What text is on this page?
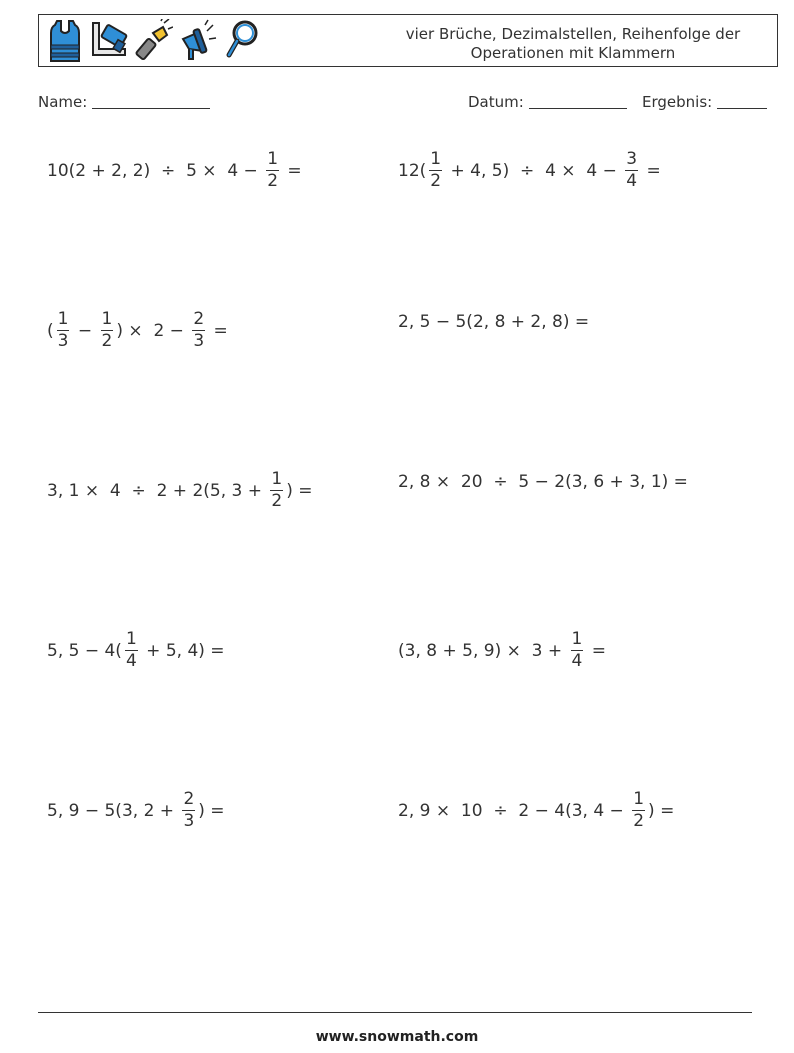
vier Brüche, Dezimalstellen, Reihenfolge der
Operationen mit Klammern
Name:	Datum:	Ergebnis:
10(2 + 2, $2) \div 5 \times 4 - \frac{1}{2}$ =	$12( \frac{1}{2} + 4$, $5) \div 4 \times 4 - \frac{3}{4}$ =
( $\frac{1}{3} - \frac{1}{2}$ ) ×  $2 - \frac{2}{3}$ =	2, 5 − 5(2, 8 + 2, 8) =
3, 1 ×  4  ÷  2 + 2(5, $3 + \frac{1}{2}$ ) =	2, 8 ×  20  ÷  5 − 2(3, 6 + 3, 1) =
5, $5 - 4( \frac{1}{4} + 5$, 4) =	(3, 8 + 5, $9) \times 3 + \frac{1}{4}$ =
5, 9 − 5(3, $2 + \frac{2}{3}$ ) =	2, 9 ×  10  ÷  2 − 4(3, $4 - \frac{1}{2}$ ) =
www.snowmath.com
